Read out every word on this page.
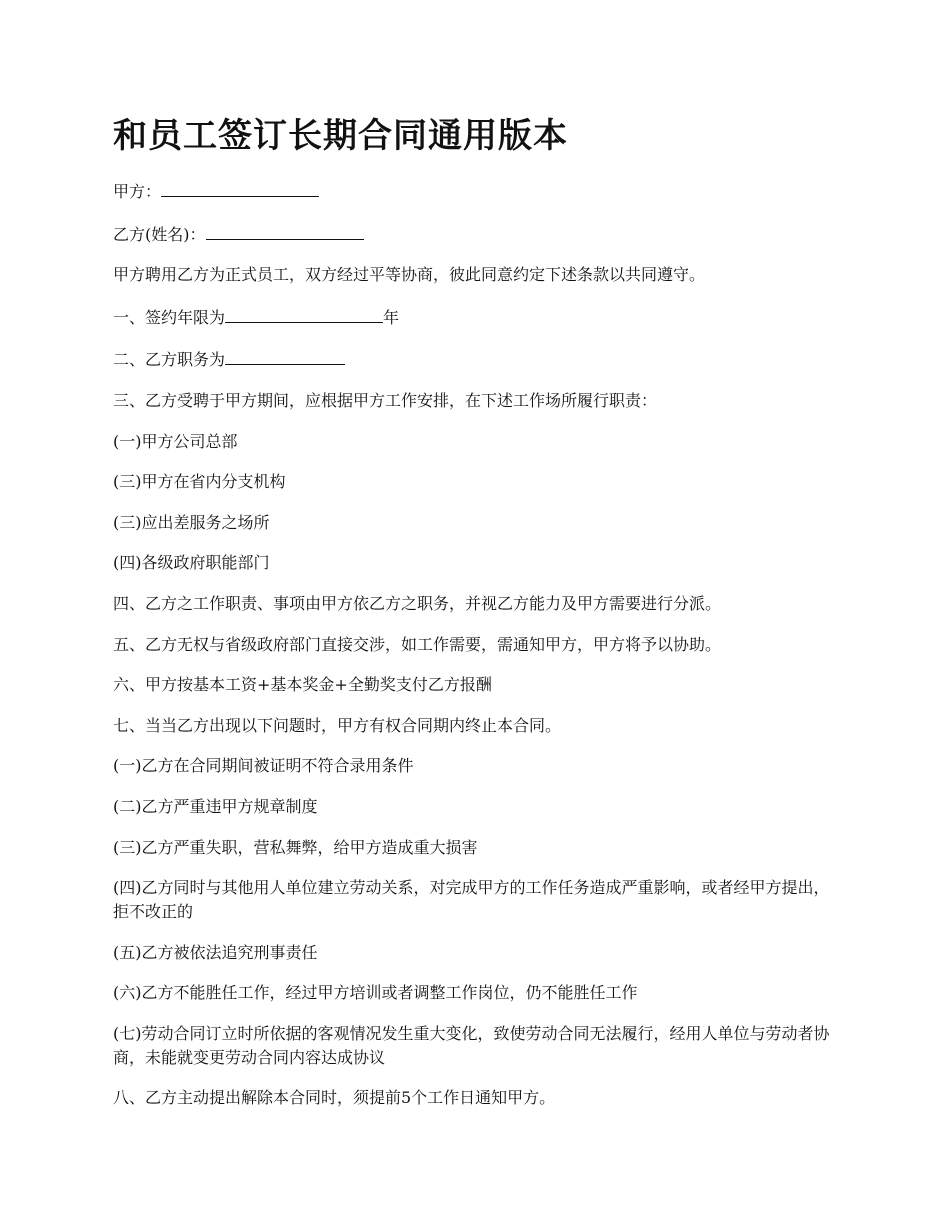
和员工签订长期合同通用版本

甲方：

乙方(姓名)：

甲方聘用乙方为正式员工，双方经过平等协商，彼此同意约定下述条款以共同遵守。

一、签约年限为	年

二、乙方职务为

三、乙方受聘于甲方期间，应根据甲方工作安排，在下述工作场所履行职责：

(一)甲方公司总部

(三)甲方在省内分支机构

(三)应出差服务之场所

(四)各级政府职能部门

四、乙方之工作职责、事项由甲方依乙方之职务，并视乙方能力及甲方需要进行分派。

五、乙方无权与省级政府部门直接交涉，如工作需要，需通知甲方，甲方将予以协助。

六、甲方按基本工资+基本奖金+全勤奖支付乙方报酬

七、当当乙方出现以下问题时，甲方有权合同期内终止本合同。

(一)乙方在合同期间被证明不符合录用条件

(二)乙方严重违甲方规章制度

(三)乙方严重失职，营私舞弊，给甲方造成重大损害

(四)乙方同时与其他用人单位建立劳动关系，对完成甲方的工作任务造成严重影响，或者经甲方提出，拒不改正的

(五)乙方被依法追究刑事责任

(六)乙方不能胜任工作，经过甲方培训或者调整工作岗位，仍不能胜任工作

(七)劳动合同订立时所依据的客观情况发生重大变化，致使劳动合同无法履行，经用人单位与劳动者协商，未能就变更劳动合同内容达成协议

八、乙方主动提出解除本合同时，须提前5个工作日通知甲方。
